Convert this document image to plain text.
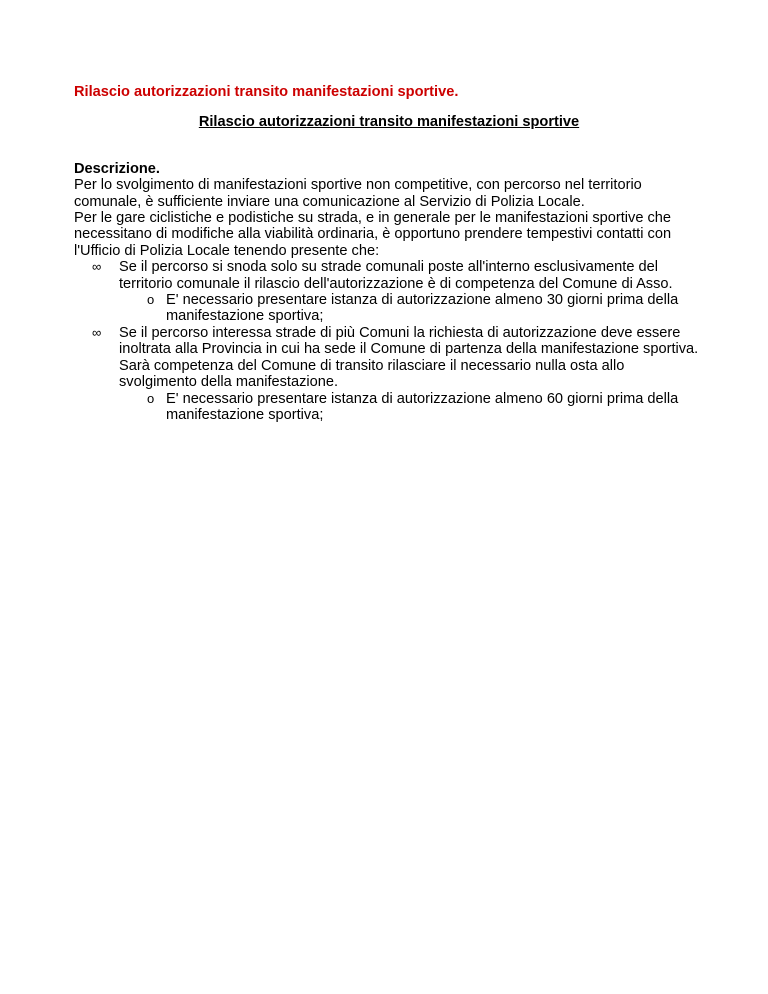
Rilascio autorizzazioni transito manifestazioni sportive.

Rilascio autorizzazioni transito manifestazioni sportive

Descrizione.

Per lo svolgimento di manifestazioni sportive non competitive, con percorso nel territorio comunale, è sufficiente inviare una comunicazione al Servizio di Polizia Locale.

Per le gare ciclistiche e podistiche su strada, e in generale per le manifestazioni sportive che necessitano di modifiche alla viabilità ordinaria, è opportuno prendere tempestivi contatti con l'Ufficio di Polizia Locale tenendo presente che:

∞ Se il percorso si snoda solo su strade comunali poste all'interno esclusivamente del territorio comunale il rilascio dell'autorizzazione è di competenza del Comune di Asso.
o E' necessario presentare istanza di autorizzazione almeno 30 giorni prima della manifestazione sportiva;
∞ Se il percorso interessa strade di più Comuni la richiesta di autorizzazione deve essere inoltrata alla Provincia in cui ha sede il Comune di partenza della manifestazione sportiva. Sarà competenza del Comune di transito rilasciare il necessario nulla osta allo svolgimento della manifestazione.
o E' necessario presentare istanza di autorizzazione almeno 60 giorni prima della manifestazione sportiva;
